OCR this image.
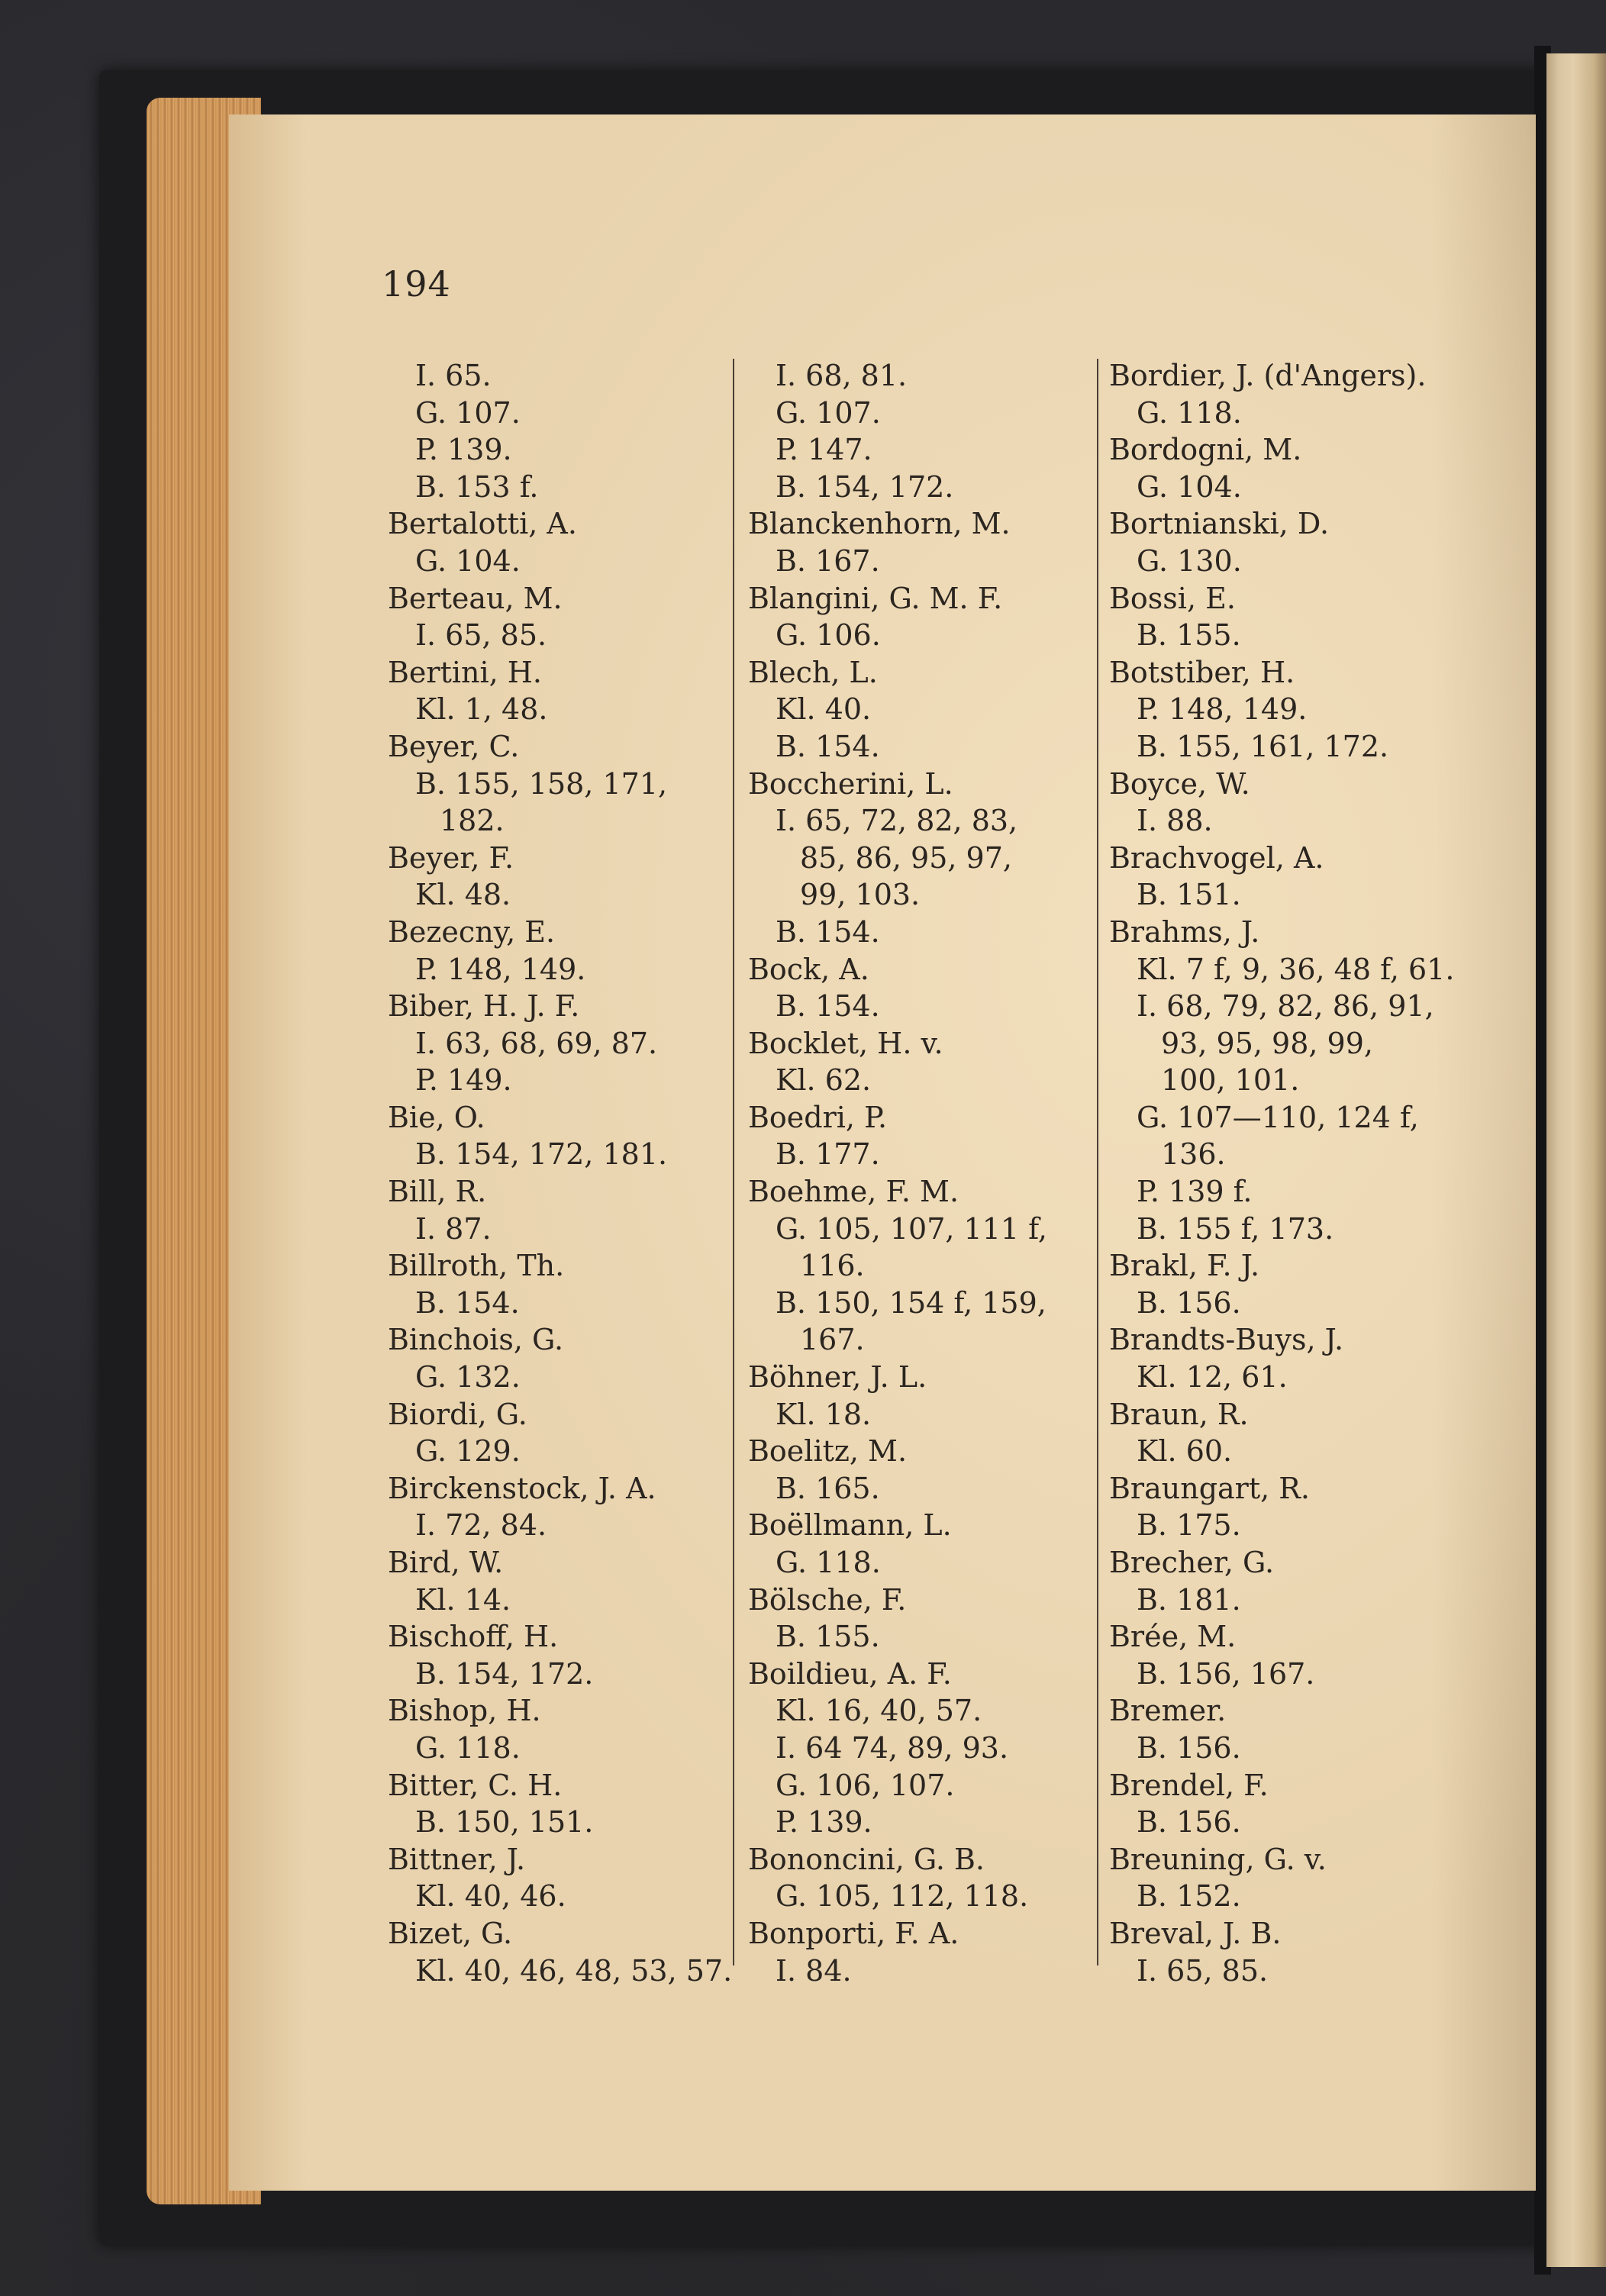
194
I. 65.
G. 107.
P. 139.
B. 153 f.
Bertalotti, A.
G. 104.
Berteau, M.
I. 65, 85.
Bertini, H.
Kl. 1, 48.
Beyer, C.
B. 155, 158, 171,
182.
Beyer, F.
Kl. 48.
Bezecny, E.
P. 148, 149.
Biber, H. J. F.
I. 63, 68, 69, 87.
P. 149.
Bie, O.
B. 154, 172, 181.
Bill, R.
I. 87.
Billroth, Th.
B. 154.
Binchois, G.
G. 132.
Biordi, G.
G. 129.
Birckenstock, J. A.
I. 72, 84.
Bird, W.
Kl. 14.
Bischoff, H.
B. 154, 172.
Bishop, H.
G. 118.
Bitter, C. H.
B. 150, 151.
Bittner, J.
Kl. 40, 46.
Bizet, G.
Kl. 40, 46, 48, 53, 57.
I. 68, 81.
G. 107.
P. 147.
B. 154, 172.
Blanckenhorn, M.
B. 167.
Blangini, G. M. F.
G. 106.
Blech, L.
Kl. 40.
B. 154.
Boccherini, L.
I. 65, 72, 82, 83,
85, 86, 95, 97,
99, 103.
B. 154.
Bock, A.
B. 154.
Bocklet, H. v.
Kl. 62.
Boedri, P.
B. 177.
Boehme, F. M.
G. 105, 107, 111 f,
116.
B. 150, 154 f, 159,
167.
Böhner, J. L.
Kl. 18.
Boelitz, M.
B. 165.
Boëllmann, L.
G. 118.
Bölsche, F.
B. 155.
Boildieu, A. F.
Kl. 16, 40, 57.
I. 64 74, 89, 93.
G. 106, 107.
P. 139.
Bononcini, G. B.
G. 105, 112, 118.
Bonporti, F. A.
I. 84.
Bordier, J. (d'Angers).
G. 118.
Bordogni, M.
G. 104.
Bortnianski, D.
G. 130.
Bossi, E.
B. 155.
Botstiber, H.
P. 148, 149.
B. 155, 161, 172.
Boyce, W.
I. 88.
Brachvogel, A.
B. 151.
Brahms, J.
Kl. 7 f, 9, 36, 48 f, 61.
I. 68, 79, 82, 86, 91,
93, 95, 98, 99,
100, 101.
G. 107—110, 124 f,
136.
P. 139 f.
B. 155 f, 173.
Brakl, F. J.
B. 156.
Brandts-Buys, J.
Kl. 12, 61.
Braun, R.
Kl. 60.
Braungart, R.
B. 175.
Brecher, G.
B. 181.
Brée, M.
B. 156, 167.
Bremer.
B. 156.
Brendel, F.
B. 156.
Breuning, G. v.
B. 152.
Breval, J. B.
I. 65, 85.
